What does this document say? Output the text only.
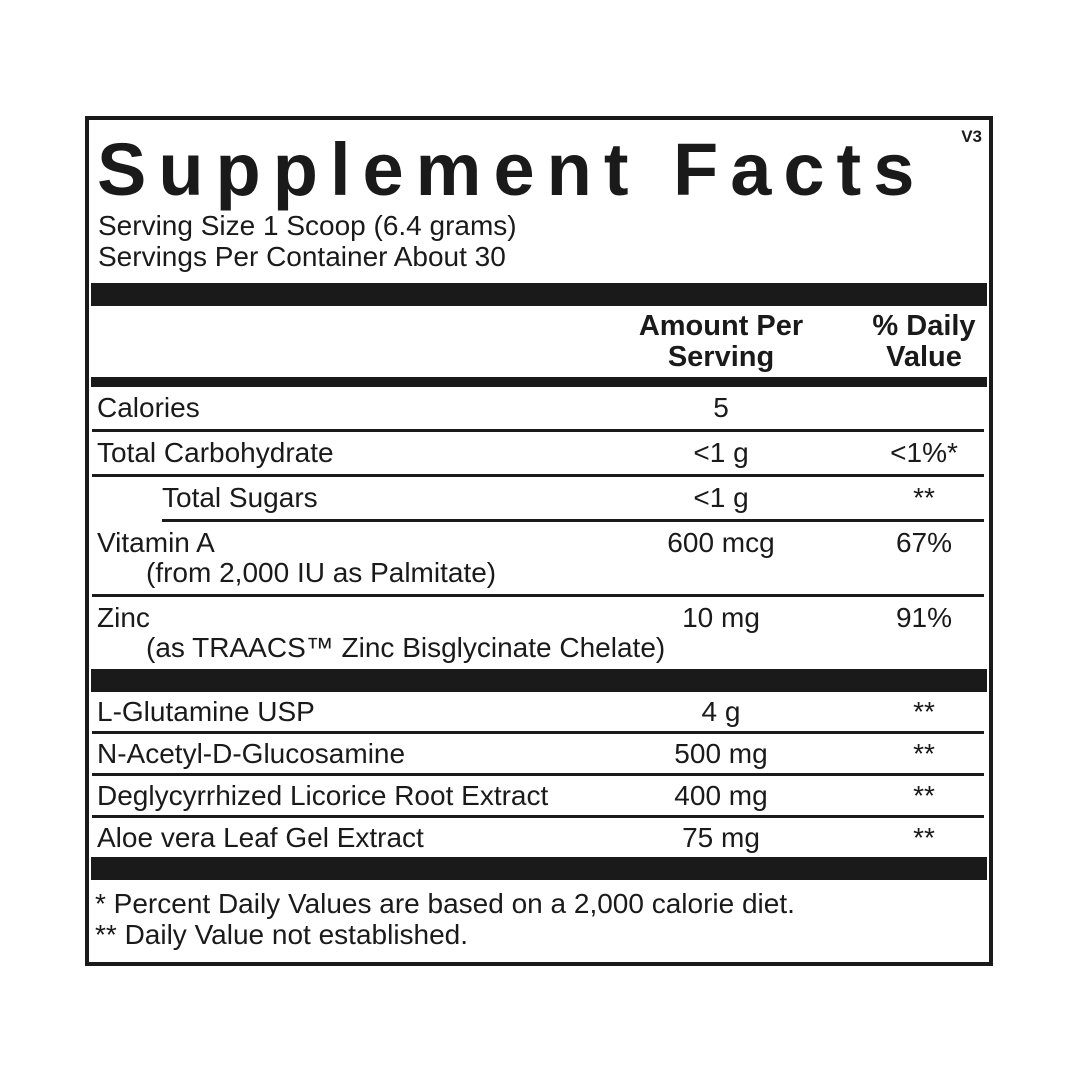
V3
Supplement Facts
Serving Size 1 Scoop (6.4 grams)
Servings Per Container About 30
Amount Per
Serving
% Daily
Value
Calories	5
Total Carbohydrate	<1 g	<1%*
Total Sugars	<1 g	**
Vitamin A	600 mcg	67%
(from 2,000 IU as Palmitate)
Zinc	10 mg	91%
(as TRAACS™ Zinc Bisglycinate Chelate)
L-Glutamine USP	4 g	**
N-Acetyl-D-Glucosamine	500 mg	**
Deglycyrrhized Licorice Root Extract	400 mg	**
Aloe vera Leaf Gel Extract	75 mg	**
* Percent Daily Values are based on a 2,000 calorie diet.
** Daily Value not established.
